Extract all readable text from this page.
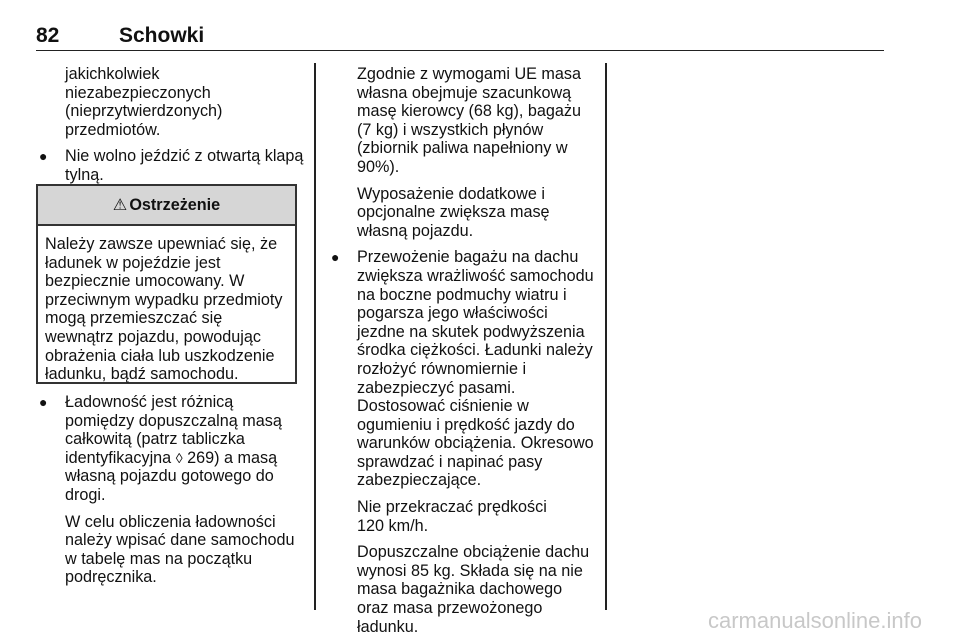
82	Schowki

jakichkolwiek
niezabezpieczonych
(nieprzytwierdzonych)
przedmiotów.

● Nie wolno jeździć z otwartą klapą
tylną.

⚠ Ostrzeżenie
Należy zawsze upewniać się, że
ładunek w pojeździe jest
bezpiecznie umocowany. W
przeciwnym wypadku przedmioty
mogą przemieszczać się
wewnątrz pojazdu, powodując
obrażenia ciała lub uszkodzenie
ładunku, bądź samochodu.

● Ładowność jest różnicą
pomiędzy dopuszczalną masą
całkowitą (patrz tabliczka
identyfikacyjna ◊ 269) a masą
własną pojazdu gotowego do
drogi.

W celu obliczenia ładowności
należy wpisać dane samochodu
w tabelę mas na początku
podręcznika.

Zgodnie z wymogami UE masa
własna obejmuje szacunkową
masę kierowcy (68 kg), bagażu
(7 kg) i wszystkich płynów
(zbiornik paliwa napełniony w
90%).

Wyposażenie dodatkowe i
opcjonalne zwiększa masę
własną pojazdu.

● Przewożenie bagażu na dachu
zwiększa wrażliwość samochodu
na boczne podmuchy wiatru i
pogarsza jego właściwości
jezdne na skutek podwyższenia
środka ciężkości. Ładunki należy
rozłożyć równomiernie i
zabezpieczyć pasami.
Dostosować ciśnienie w
ogumieniu i prędkość jazdy do
warunków obciążenia. Okresowo
sprawdzać i napinać pasy
zabezpieczające.

Nie przekraczać prędkości
120 km/h.

Dopuszczalne obciążenie dachu
wynosi 85 kg. Składa się na nie
masa bagażnika dachowego
oraz masa przewożonego
ładunku.	carmanualsonline.info
